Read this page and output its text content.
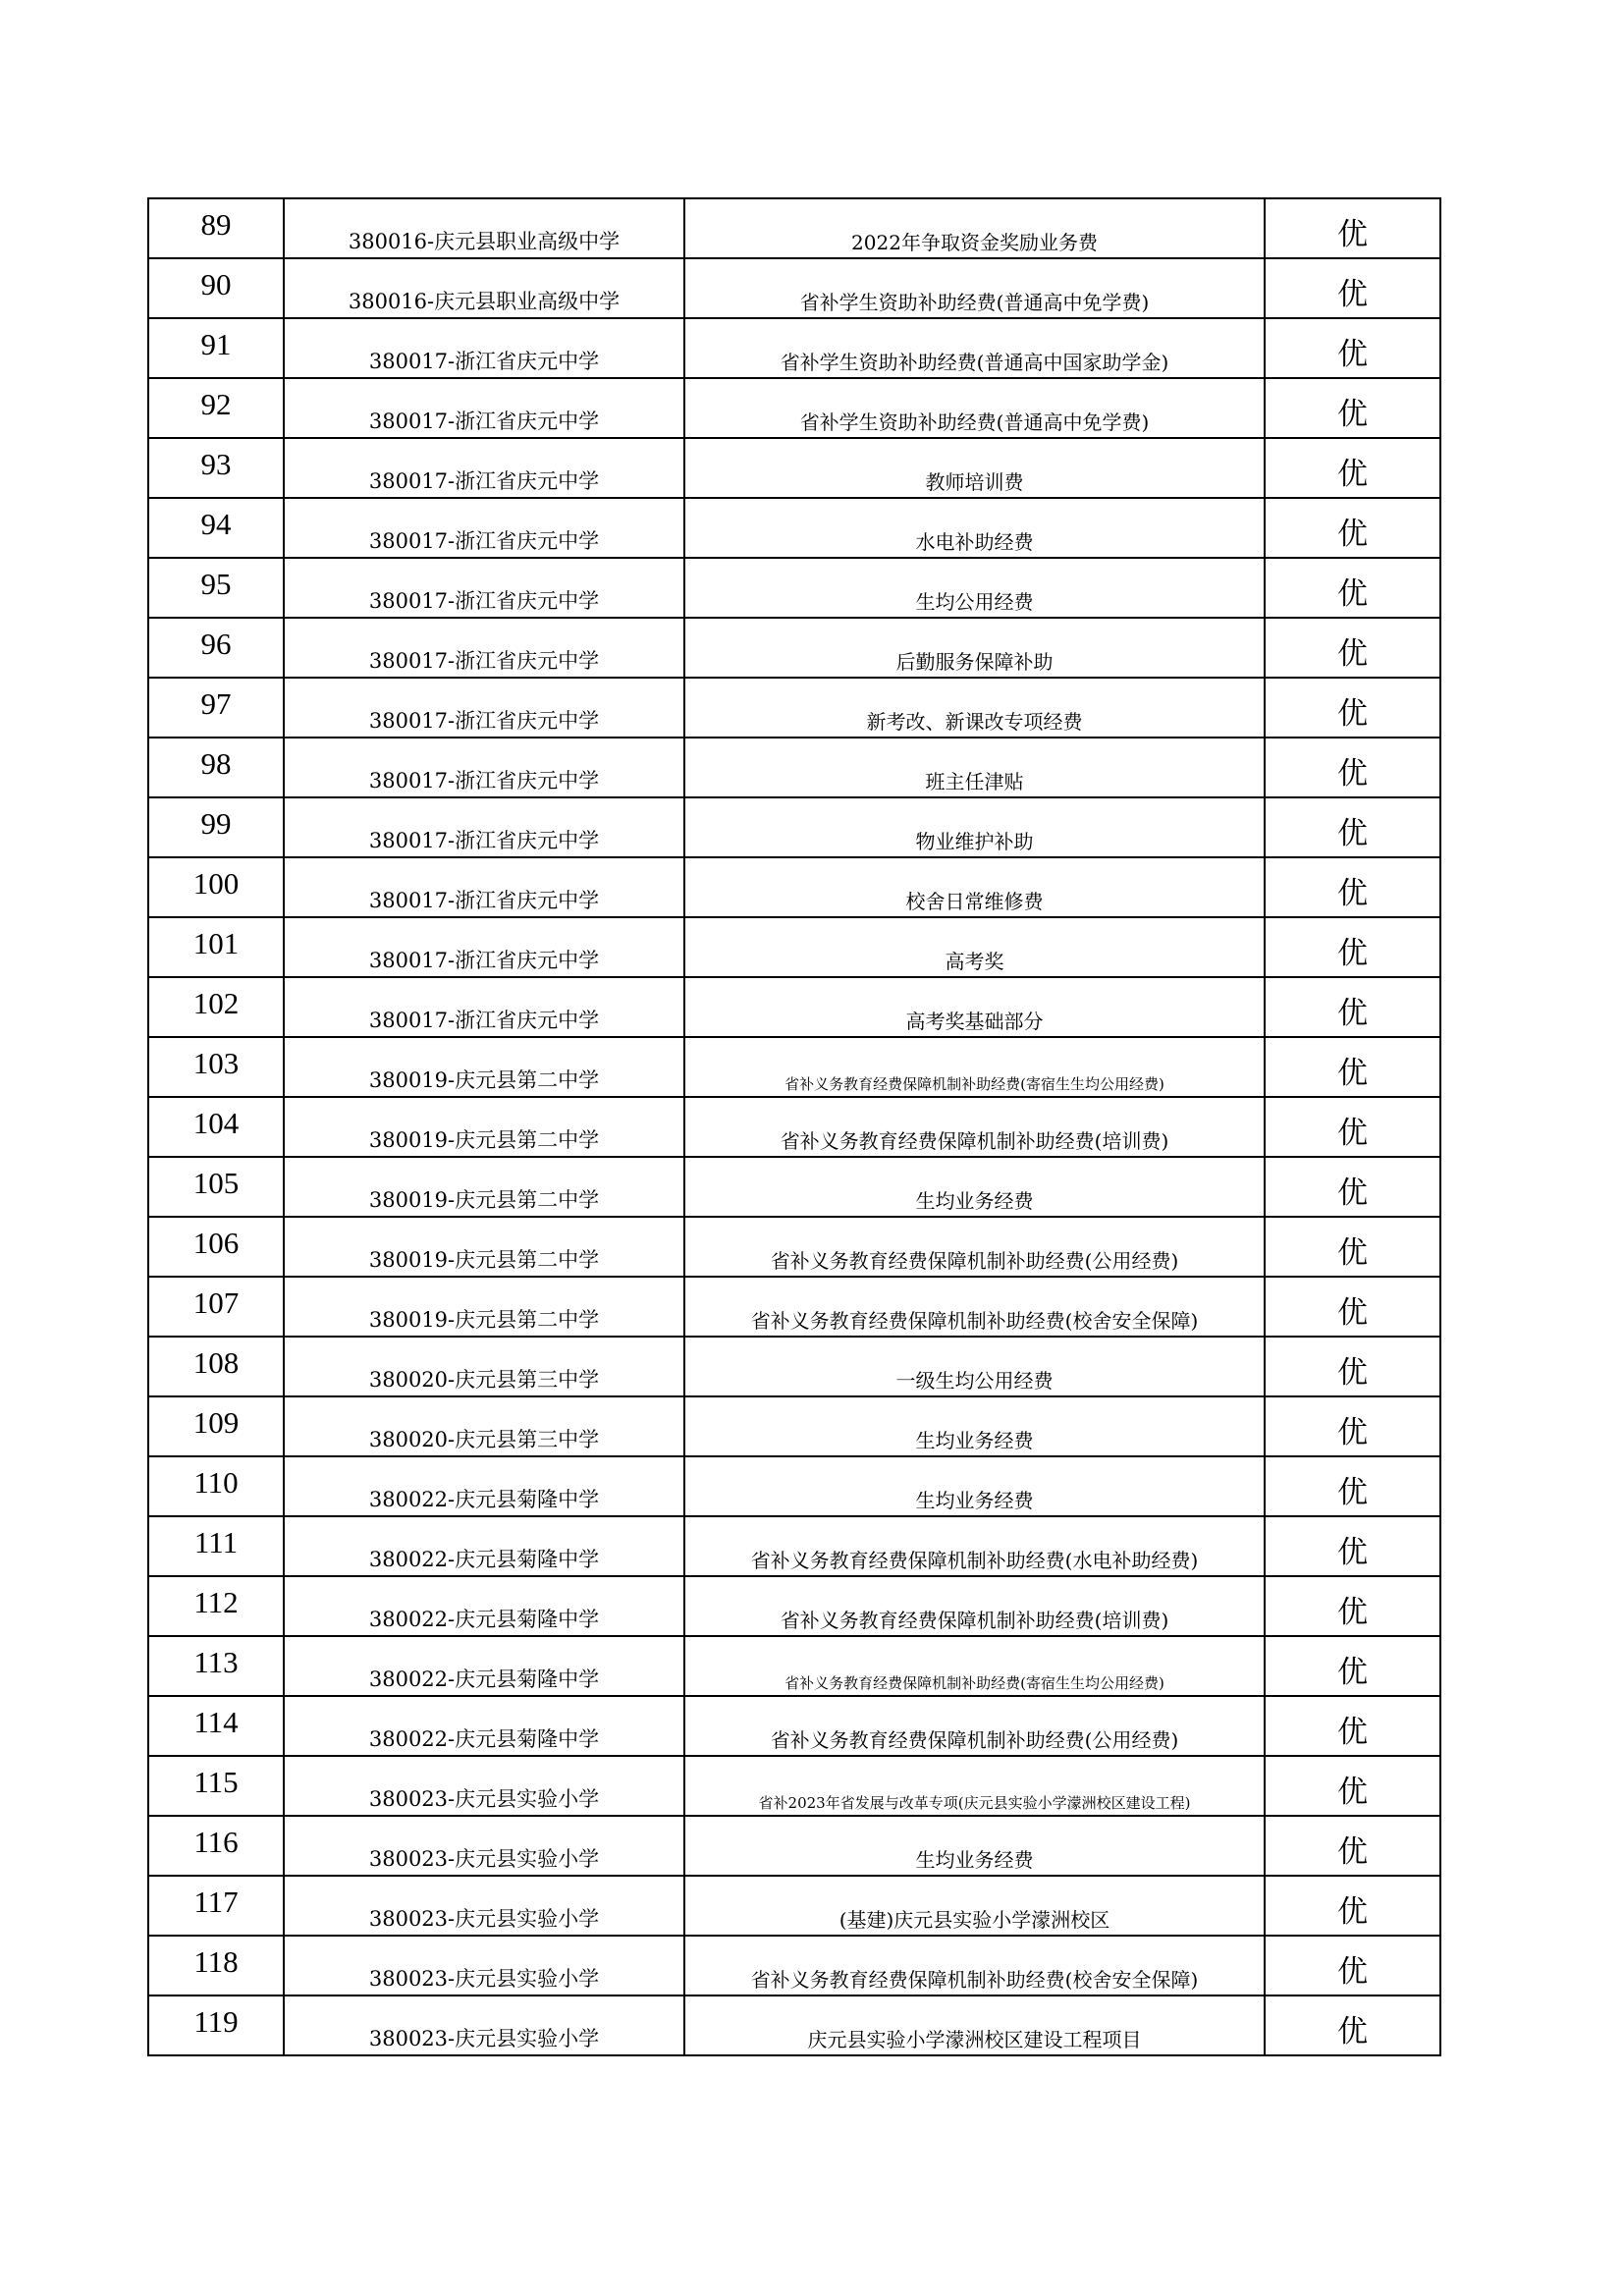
89	380016-庆元县职业高级中学	2022年争取资金奖励业务费	优
90	380016-庆元县职业高级中学	省补学生资助补助经费(普通高中免学费)	优
91	380017-浙江省庆元中学	省补学生资助补助经费(普通高中国家助学金)	优
92	380017-浙江省庆元中学	省补学生资助补助经费(普通高中免学费)	优
93	380017-浙江省庆元中学	教师培训费	优
94	380017-浙江省庆元中学	水电补助经费	优
95	380017-浙江省庆元中学	生均公用经费	优
96	380017-浙江省庆元中学	后勤服务保障补助	优
97	380017-浙江省庆元中学	新考改、新课改专项经费	优
98	380017-浙江省庆元中学	班主任津贴	优
99	380017-浙江省庆元中学	物业维护补助	优
100	380017-浙江省庆元中学	校舍日常维修费	优
101	380017-浙江省庆元中学	高考奖	优
102	380017-浙江省庆元中学	高考奖基础部分	优
103	380019-庆元县第二中学	省补义务教育经费保障机制补助经费(寄宿生生均公用经费)	优
104	380019-庆元县第二中学	省补义务教育经费保障机制补助经费(培训费)	优
105	380019-庆元县第二中学	生均业务经费	优
106	380019-庆元县第二中学	省补义务教育经费保障机制补助经费(公用经费)	优
107	380019-庆元县第二中学	省补义务教育经费保障机制补助经费(校舍安全保障)	优
108	380020-庆元县第三中学	一级生均公用经费	优
109	380020-庆元县第三中学	生均业务经费	优
110	380022-庆元县菊隆中学	生均业务经费	优
111	380022-庆元县菊隆中学	省补义务教育经费保障机制补助经费(水电补助经费)	优
112	380022-庆元县菊隆中学	省补义务教育经费保障机制补助经费(培训费)	优
113	380022-庆元县菊隆中学	省补义务教育经费保障机制补助经费(寄宿生生均公用经费)	优
114	380022-庆元县菊隆中学	省补义务教育经费保障机制补助经费(公用经费)	优
115	380023-庆元县实验小学	省补2023年省发展与改革专项(庆元县实验小学濛洲校区建设工程)	优
116	380023-庆元县实验小学	生均业务经费	优
117	380023-庆元县实验小学	(基建)庆元县实验小学濛洲校区	优
118	380023-庆元县实验小学	省补义务教育经费保障机制补助经费(校舍安全保障)	优
119	380023-庆元县实验小学	庆元县实验小学濛洲校区建设工程项目	优
